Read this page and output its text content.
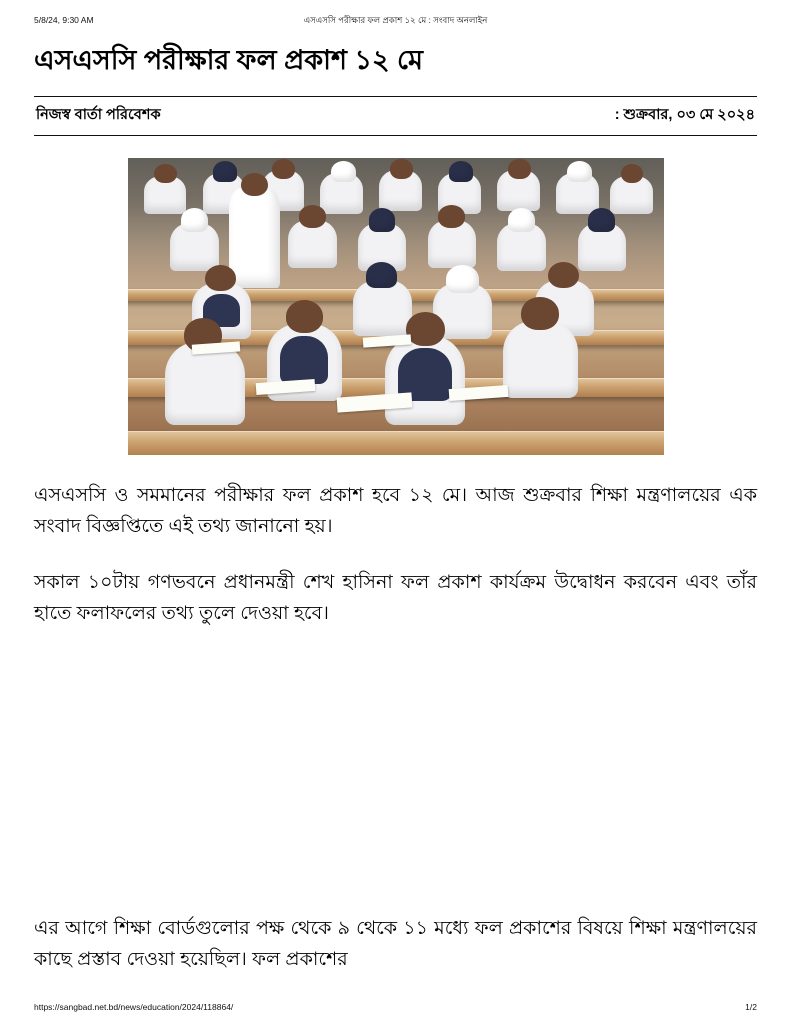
5/8/24, 9:30 AM	এসএসসি পরীক্ষার ফল প্রকাশ ১২ মে : সংবাদ অনলাইন
এসএসসি পরীক্ষার ফল প্রকাশ ১২ মে
নিজস্ব বার্তা পরিবেশক	: শুক্রবার, ০৩ মে ২০২৪

এসএসসি ও সমমানের পরীক্ষার ফল প্রকাশ হবে ১২ মে। আজ শুক্রবার শিক্ষা মন্ত্রণালয়ের এক সংবাদ বিজ্ঞপ্তিতে এই তথ্য জানানো হয়।

সকাল ১০টায় গণভবনে প্রধানমন্ত্রী শেখ হাসিনা ফল প্রকাশ কার্যক্রম উদ্বোধন করবেন এবং তাঁর হাতে ফলাফলের তথ্য তুলে দেওয়া হবে।

এর আগে শিক্ষা বোর্ডগুলোর পক্ষ থেকে ৯ থেকে ১১ মধ্যে ফল প্রকাশের বিষয়ে শিক্ষা মন্ত্রণালয়ের কাছে প্রস্তাব দেওয়া হয়েছিল। ফল প্রকাশের
https://sangbad.net.bd/news/education/2024/118864/	1/2
